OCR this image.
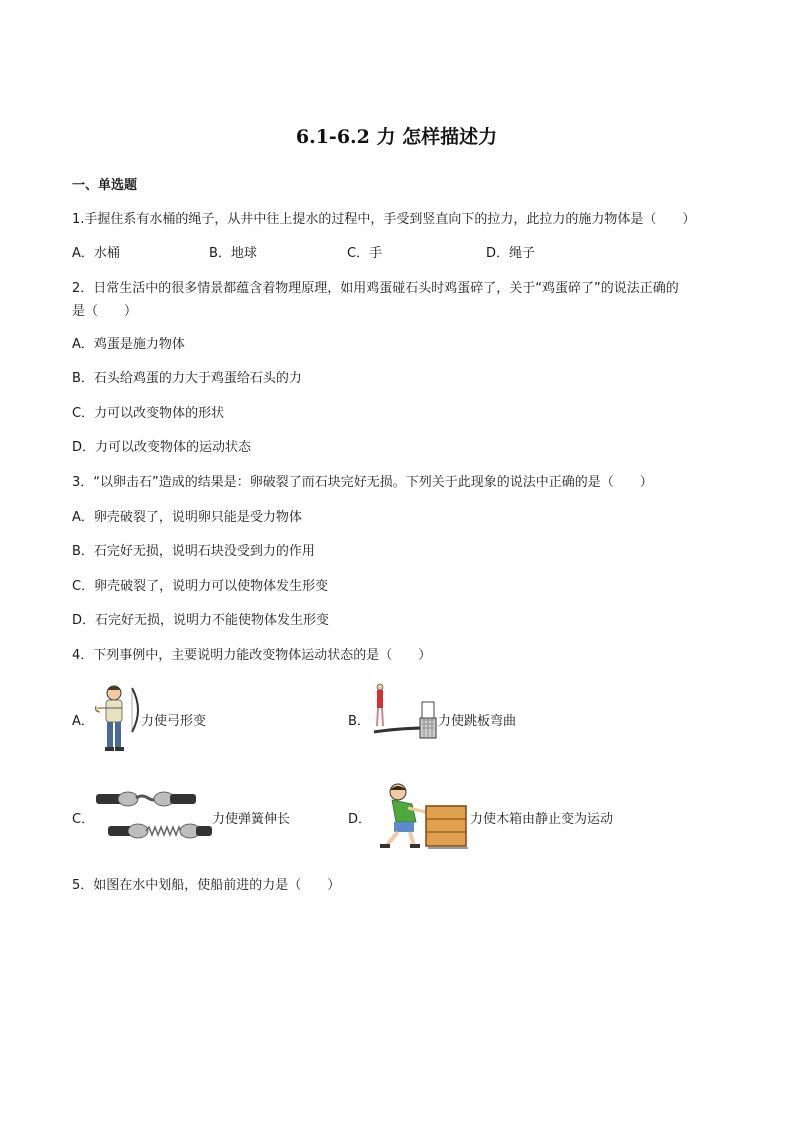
6.1-6.2 力 怎样描述力
一、单选题
1.手握住系有水桶的绳子，从井中往上提水的过程中，手受到竖直向下的拉力，此拉力的施力物体是（　　）
A．水桶	B．地球	C．手	D．绳子
2．日常生活中的很多情景都蕴含着物理原理，如用鸡蛋碰石头时鸡蛋碎了，关于“鸡蛋碎了”的说法正确的
是（　　）
A．鸡蛋是施力物体
B．石头给鸡蛋的力大于鸡蛋给石头的力
C．力可以改变物体的形状
D．力可以改变物体的运动状态
3．“以卵击石”造成的结果是：卵破裂了而石块完好无损。下列关于此现象的说法中正确的是（　　）
A．卵壳破裂了，说明卵只能是受力物体
B．石完好无损，说明石块没受到力的作用
C．卵壳破裂了，说明力可以使物体发生形变
D．石完好无损，说明力不能使物体发生形变
4．下列事例中，主要说明力能改变物体运动状态的是（　　）
A．	力使弓形变	B．	力使跳板弯曲
C．	力使弹簧伸长	D．	力使木箱由静止变为运动
5．如图在水中划船，使船前进的力是（　　）
